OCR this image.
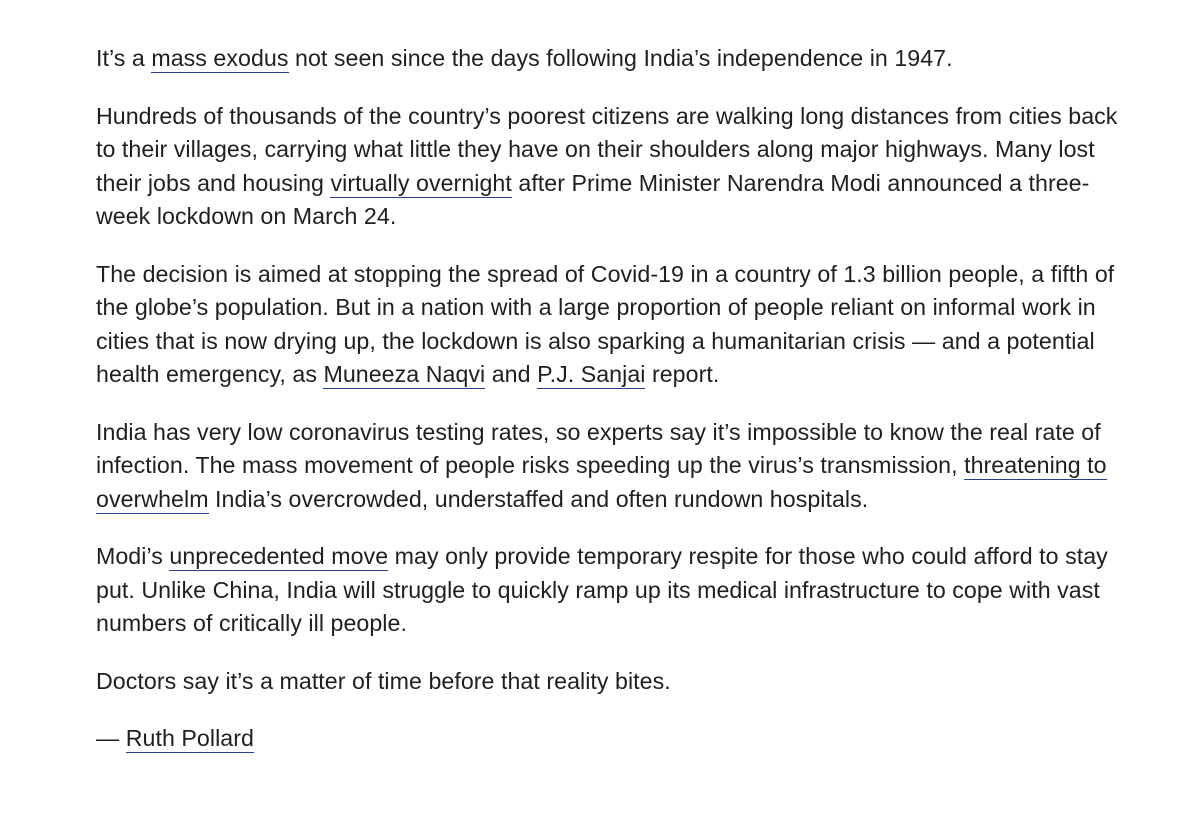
It’s a mass exodus not seen since the days following India’s independence in 1947.

Hundreds of thousands of the country’s poorest citizens are walking long distances from cities back to their villages, carrying what little they have on their shoulders along major highways. Many lost their jobs and housing virtually overnight after Prime Minister Narendra Modi announced a three-week lockdown on March 24.

The decision is aimed at stopping the spread of Covid-19 in a country of 1.3 billion people, a fifth of the globe’s population. But in a nation with a large proportion of people reliant on informal work in cities that is now drying up, the lockdown is also sparking a humanitarian crisis — and a potential health emergency, as Muneeza Naqvi and P.J. Sanjai report.

India has very low coronavirus testing rates, so experts say it’s impossible to know the real rate of infection. The mass movement of people risks speeding up the virus’s transmission, threatening to overwhelm India’s overcrowded, understaffed and often rundown hospitals.

Modi’s unprecedented move may only provide temporary respite for those who could afford to stay put. Unlike China, India will struggle to quickly ramp up its medical infrastructure to cope with vast numbers of critically ill people.

Doctors say it’s a matter of time before that reality bites.

— Ruth Pollard
